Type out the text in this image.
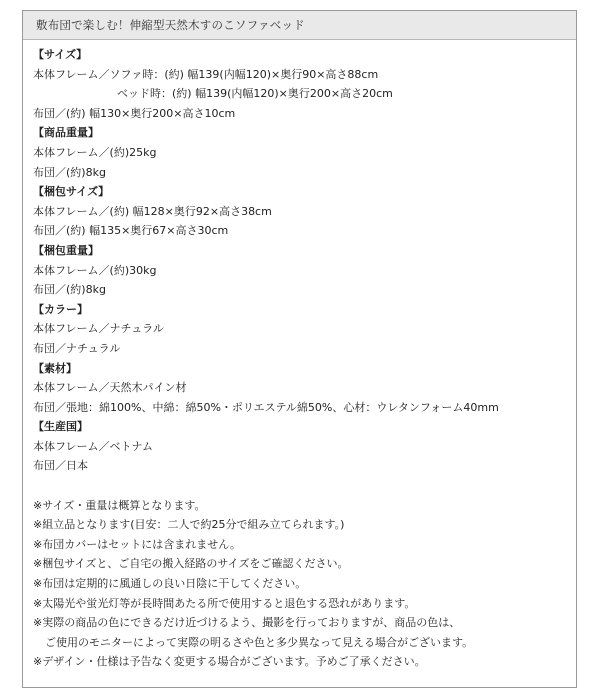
敷布団で楽しむ！伸縮型天然木すのこソファベッド
【サイズ】
本体フレーム／ソファ時：(約) 幅139(内幅120)×奥行90×高さ88cm
ベッド時：(約) 幅139(内幅120)×奥行200×高さ20cm
布団／(約) 幅130×奥行200×高さ10cm
【商品重量】
本体フレーム／(約)25kg
布団／(約)8kg
【梱包サイズ】
本体フレーム／(約) 幅128×奥行92×高さ38cm
布団／(約) 幅135×奥行67×高さ30cm
【梱包重量】
本体フレーム／(約)30kg
布団／(約)8kg
【カラー】
本体フレーム／ナチュラル
布団／ナチュラル
【素材】
本体フレーム／天然木パイン材
布団／張地：綿100%、中綿：綿50%・ポリエステル綿50%、心材：ウレタンフォーム40mm
【生産国】
本体フレーム／ベトナム
布団／日本
※サイズ・重量は概算となります。
※組立品となります(目安：二人で約25分で組み立てられます。)
※布団カバーはセットには含まれません。
※梱包サイズと、ご自宅の搬入経路のサイズをご確認ください。
※布団は定期的に風通しの良い日陰に干してください。
※太陽光や蛍光灯等が長時間あたる所で使用すると退色する恐れがあります。
※実際の商品の色にできるだけ近づけるよう、撮影を行っておりますが、商品の色は、
ご使用のモニターによって実際の明るさや色と多少異なって見える場合がございます。
※デザイン・仕様は予告なく変更する場合がございます。予めご了承ください。
